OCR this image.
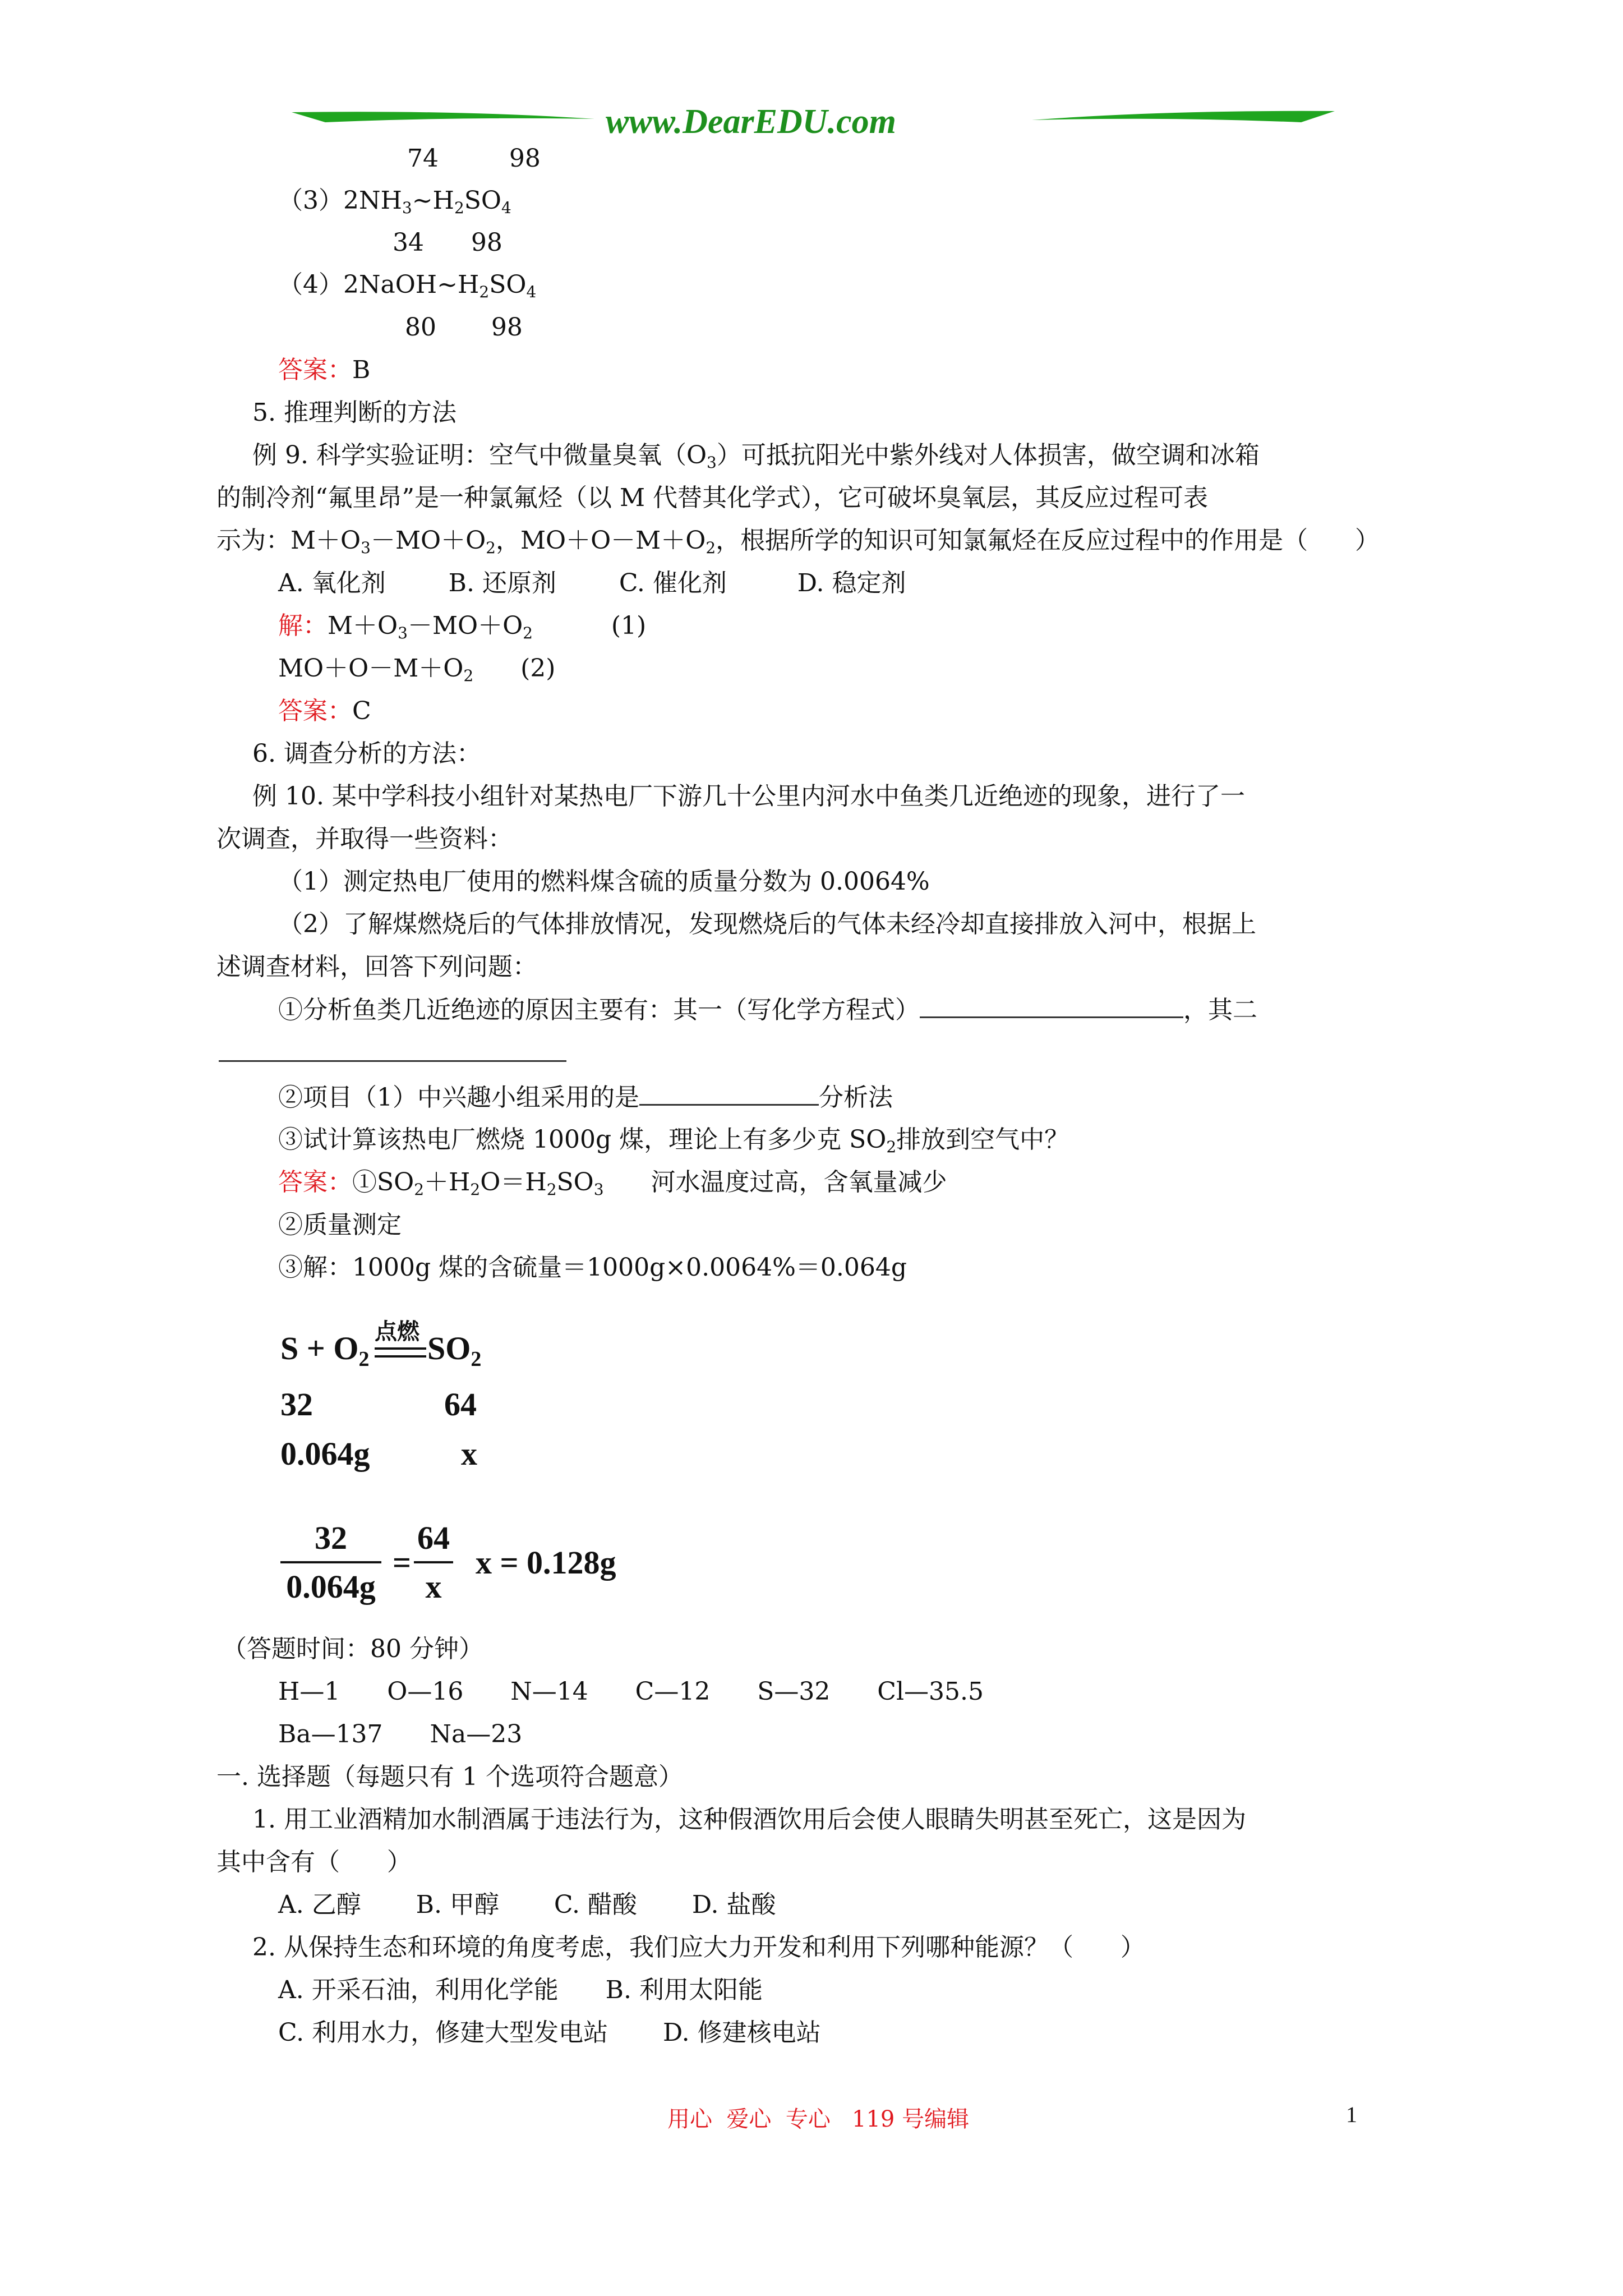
www.DearEDU.com
74         98
$(3)2NH_3\sim H_2SO_4$
34      98
$(4)2NaOH\sim H_2SO_4$
80       98
答案：B
5. 推理判断的方法
例 9. 科学实验证明：空气中微量臭氧$(O_3)$可抵抗阳光中紫外线对人体损害，做空调和冰箱
的制冷剂“氟里昂”是一种氯氟烃（以 M 代替其化学式），它可破坏臭氧层，其反应过程可表
示为：$M+O_3-MO+O_2$，$MO+O-M+O_2$，根据所学的知识可知氯氟烃在反应过程中的作用是（      ）
A. 氧化剂        B. 还原剂        C. 催化剂         D. 稳定剂
解：$M+O_3-MO+O_2$          (1)
$MO+O-M+O_2$      (2)
答案：C
6. 调查分析的方法：
例 10. 某中学科技小组针对某热电厂下游几十公里内河水中鱼类几近绝迹的现象，进行了一
次调查，并取得一些资料：
（1）测定热电厂使用的燃料煤含硫的质量分数为 0.0064%
（2）了解煤燃烧后的气体排放情况，发现燃烧后的气体未经冷却直接排放入河中，根据上
述调查材料，回答下列问题：
①分析鱼类几近绝迹的原因主要有：其一（写化学方程式）	，其二
②项目（1）中兴趣小组采用的是	分析法
③试计算该热电厂燃烧 1000g 煤，理论上有多少克 $SO_2$排放到空气中？
答案：$①SO_2+H_2O=H_2SO_3$      河水温度过高，含氧量减少
②质量测定
③解：1000g 煤的含硫量＝1000g×0.0064%＝0.064g
$S + O_2$
点燃 $SO_2$
32	64
0.064g	x
32
0.064g
=
64
x
x = 0.128g
（答题时间：80 分钟）
H—1      O—16      N—14      C—12      S—32      Cl—35.5
Ba—137      Na—23
一. 选择题（每题只有 1 个选项符合题意）
1. 用工业酒精加水制酒属于违法行为，这种假酒饮用后会使人眼睛失明甚至死亡，这是因为
其中含有（      ）
A. 乙醇       B. 甲醇       C. 醋酸       D. 盐酸
2. 从保持生态和环境的角度考虑，我们应大力开发和利用下列哪种能源？（      ）
A. 开采石油，利用化学能      B. 利用太阳能
C. 利用水力，修建大型发电站       D. 修建核电站
用心  爱心  专心   119 号编辑	1
